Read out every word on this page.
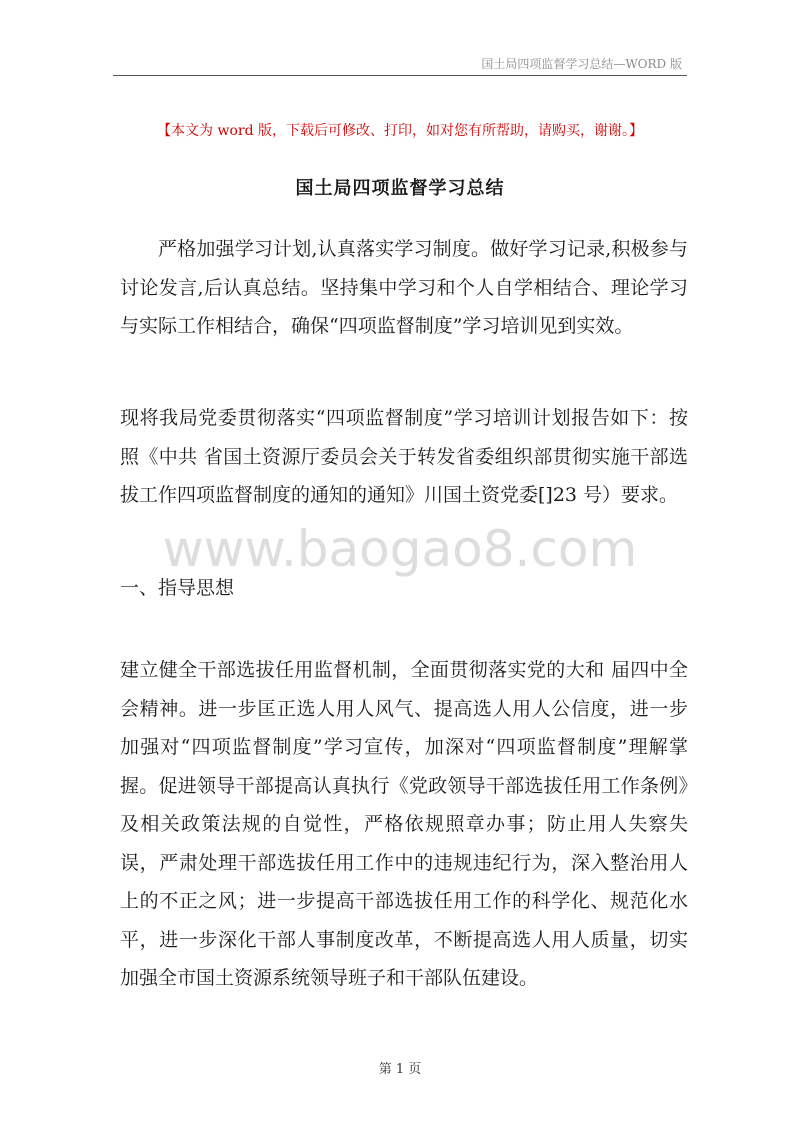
国土局四项监督学习总结—WORD 版
【本文为 word 版，下载后可修改、打印，如对您有所帮助，请购买，谢谢。】
国土局四项监督学习总结

严格加强学习计划,认真落实学习制度。做好学习记录,积极参与讨论发言,后认真总结。坚持集中学习和个人自学相结合、理论学习与实际工作相结合，确保“四项监督制度”学习培训见到实效。

现将我局党委贯彻落实“四项监督制度”学习培训计划报告如下：按照《中共 省国土资源厅委员会关于转发省委组织部贯彻实施干部选拔工作四项监督制度的通知的通知》川国土资党委[]23 号）要求。

www.baogao8.com

一、指导思想

建立健全干部选拔任用监督机制，全面贯彻落实党的大和 届四中全会精神。进一步匡正选人用人风气、提高选人用人公信度，进一步加强对“四项监督制度”学习宣传，加深对“四项监督制度”理解掌握。促进领导干部提高认真执行《党政领导干部选拔任用工作条例》及相关政策法规的自觉性，严格依规照章办事；防止用人失察失误，严肃处理干部选拔任用工作中的违规违纪行为，深入整治用人上的不正之风；进一步提高干部选拔任用工作的科学化、规范化水平，进一步深化干部人事制度改革，不断提高选人用人质量，切实加强全市国土资源系统领导班子和干部队伍建设。

第 1 页
